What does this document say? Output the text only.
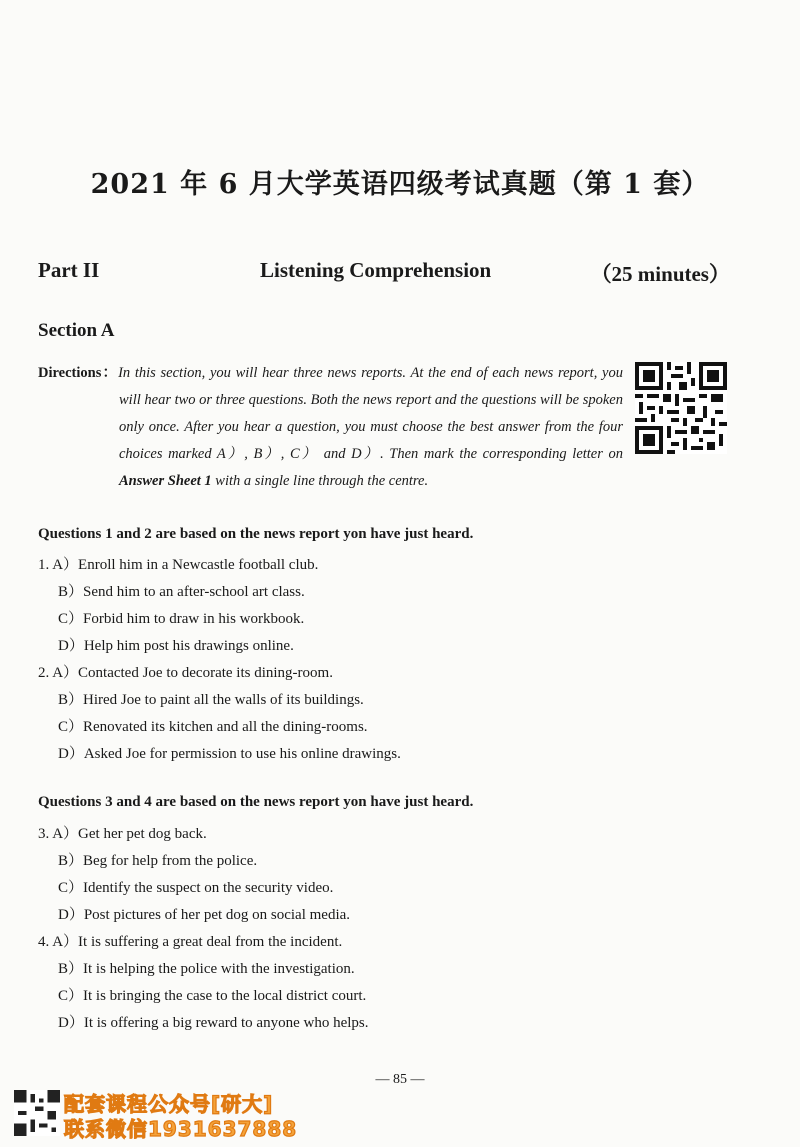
2021 年 6 月大学英语四级考试真题（第 1 套）
Part II	Listening Comprehension	（25 minutes）
Section A
Directions：In this section, you will hear three news reports. At the end of each news report, you will hear two or three questions. Both the news report and the questions will be spoken only once. After you hear a question, you must choose the best answer from the four choices marked A）, B）, C） and D）. Then mark the corresponding letter on Answer Sheet 1 with a single line through the centre.
Questions 1 and 2 are based on the news report yon have just heard.
1. A）Enroll him in a Newcastle football club.
B）Send him to an after-school art class.
C）Forbid him to draw in his workbook.
D）Help him post his drawings online.
2. A）Contacted Joe to decorate its dining-room.
B）Hired Joe to paint all the walls of its buildings.
C）Renovated its kitchen and all the dining-rooms.
D）Asked Joe for permission to use his online drawings.
Questions 3 and 4 are based on the news report yon have just heard.
3. A）Get her pet dog back.
B）Beg for help from the police.
C）Identify the suspect on the security video.
D）Post pictures of her pet dog on social media.
4. A）It is suffering a great deal from the incident.
B）It is helping the police with the investigation.
C）It is bringing the case to the local district court.
D）It is offering a big reward to anyone who helps.
— 85 —
配套课程公众号[研大]
联系微信1931637888
